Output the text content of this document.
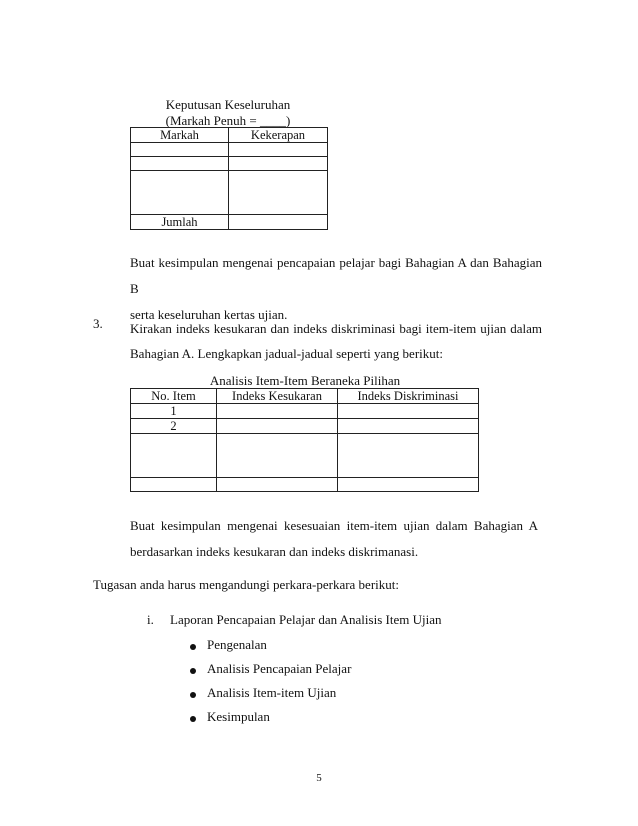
Keputusan Keseluruhan
(Markah Penuh = ____)
Markah	Kekerapan

Jumlah	
Buat kesimpulan mengenai pencapaian pelajar bagi Bahagian A dan Bahagian B
serta keseluruhan kertas ujian.
3. Kirakan indeks kesukaran dan indeks diskriminasi bagi item-item ujian dalam
Bahagian A. Lengkapkan jadual-jadual seperti yang berikut:
Analisis Item-Item Beraneka Pilihan
No. Item	Indeks Kesukaran	Indeks Diskriminasi
1		
2		

Buat kesimpulan mengenai kesesuaian item-item ujian dalam Bahagian A
berdasarkan indeks kesukaran dan indeks diskrimanasi.
Tugasan anda harus mengandungi perkara-perkara berikut:
i. Laporan Pencapaian Pelajar dan Analisis Item Ujian
Pengenalan
Analisis Pencapaian Pelajar
Analisis Item-item Ujian
Kesimpulan
5
